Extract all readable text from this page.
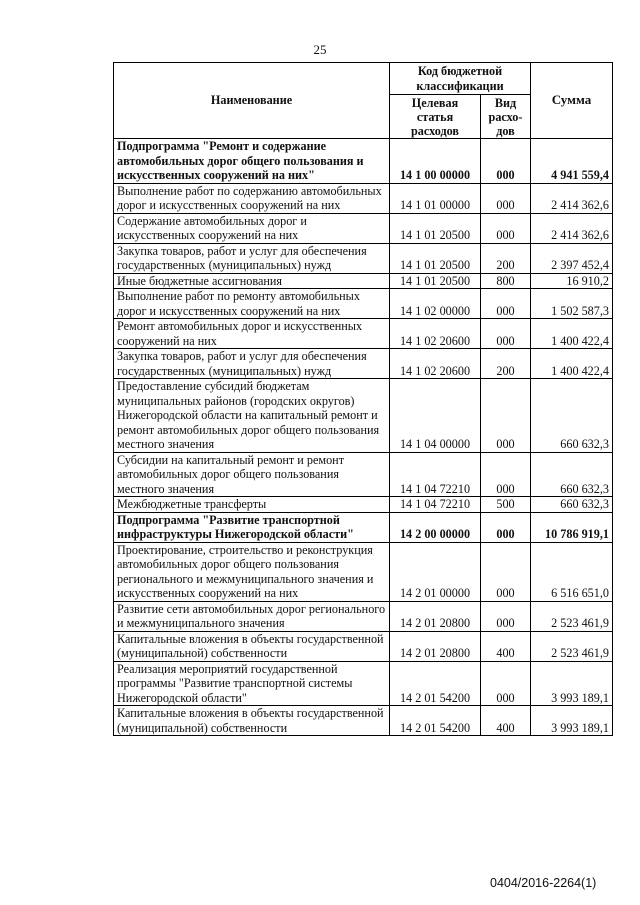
25
Наименование	Код бюджетной классификации		Сумма
	Целевая статья расходов	Вид расхо-дов	
Подпрограмма "Ремонт и содержание автомобильных дорог общего пользования и искусственных сооружений на них"	14 1 00 00000	000	4 941 559,4
Выполнение работ по содержанию автомобильных дорог и искусственных сооружений на них	14 1 01 00000	000	2 414 362,6
Содержание автомобильных дорог и искусственных сооружений на них	14 1 01 20500	000	2 414 362,6
Закупка товаров, работ и услуг для обеспечения государственных (муниципальных) нужд	14 1 01 20500	200	2 397 452,4
Иные бюджетные ассигнования	14 1 01 20500	800	16 910,2
Выполнение работ по ремонту автомобильных дорог и искусственных сооружений на них	14 1 02 00000	000	1 502 587,3
Ремонт автомобильных дорог и искусственных сооружений на них	14 1 02 20600	000	1 400 422,4
Закупка товаров, работ и услуг для обеспечения государственных (муниципальных) нужд	14 1 02 20600	200	1 400 422,4
Предоставление субсидий бюджетам муниципальных районов (городских округов) Нижегородской области на капитальный ремонт и ремонт автомобильных дорог общего пользования местного значения	14 1 04 00000	000	660 632,3
Субсидии на капитальный ремонт и ремонт автомобильных дорог общего пользования местного значения	14 1 04 72210	000	660 632,3
Межбюджетные трансферты	14 1 04 72210	500	660 632,3
Подпрограмма "Развитие транспортной инфраструктуры Нижегородской области"	14 2 00 00000	000	10 786 919,1
Проектирование, строительство и реконструкция автомобильных дорог общего пользования регионального и межмуниципального значения и искусственных сооружений на них	14 2 01 00000	000	6 516 651,0
Развитие сети автомобильных дорог регионального и межмуниципального значения	14 2 01 20800	000	2 523 461,9
Капитальные вложения в объекты государственной (муниципальной) собственности	14 2 01 20800	400	2 523 461,9
Реализация мероприятий государственной программы "Развитие транспортной системы Нижегородской области"	14 2 01 54200	000	3 993 189,1
Капитальные вложения в объекты государственной (муниципальной) собственности	14 2 01 54200	400	3 993 189,1
0404/2016-2264(1)
